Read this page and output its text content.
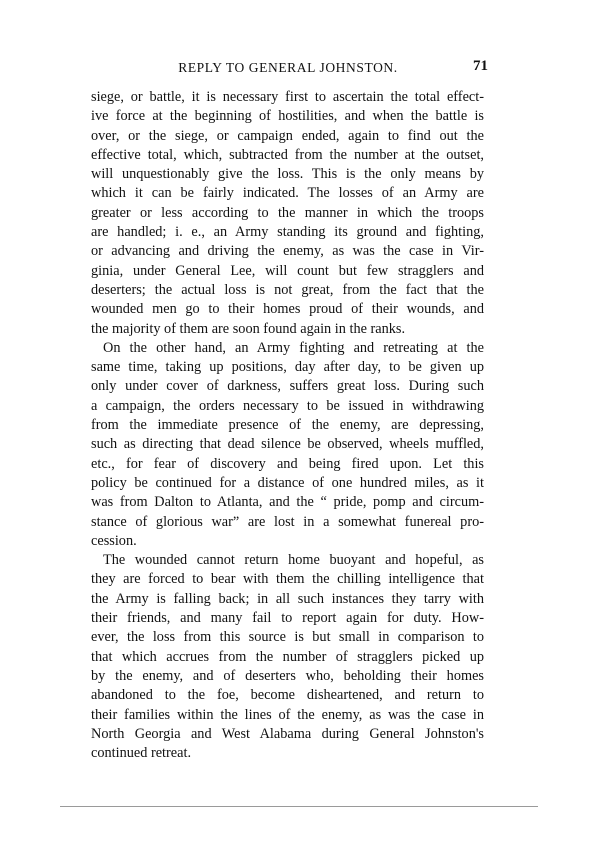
REPLY TO GENERAL JOHNSTON.	71
siege, or battle, it is necessary first to ascertain the total effect-
ive force at the beginning of hostilities, and when the battle is
over, or the siege, or campaign ended, again to find out the
effective total, which, subtracted from the number at the outset,
will unquestionably give the loss. This is the only means by
which it can be fairly indicated. The losses of an Army are
greater or less according to the manner in which the troops
are handled; i. e., an Army standing its ground and fighting,
or advancing and driving the enemy, as was the case in Vir-
ginia, under General Lee, will count but few stragglers and
deserters; the actual loss is not great, from the fact that the
wounded men go to their homes proud of their wounds, and
the majority of them are soon found again in the ranks.
On the other hand, an Army fighting and retreating at the
same time, taking up positions, day after day, to be given up
only under cover of darkness, suffers great loss. During such
a campaign, the orders necessary to be issued in withdrawing
from the immediate presence of the enemy, are depressing,
such as directing that dead silence be observed, wheels muffled,
etc., for fear of discovery and being fired upon. Let this
policy be continued for a distance of one hundred miles, as it
was from Dalton to Atlanta, and the “ pride, pomp and circum-
stance of glorious war” are lost in a somewhat funereal pro-
cession.
The wounded cannot return home buoyant and hopeful, as
they are forced to bear with them the chilling intelligence that
the Army is falling back; in all such instances they tarry with
their friends, and many fail to report again for duty. How-
ever, the loss from this source is but small in comparison to
that which accrues from the number of stragglers picked up
by the enemy, and of deserters who, beholding their homes
abandoned to the foe, become disheartened, and return to
their families within the lines of the enemy, as was the case in
North Georgia and West Alabama during General Johnston's
continued retreat.
